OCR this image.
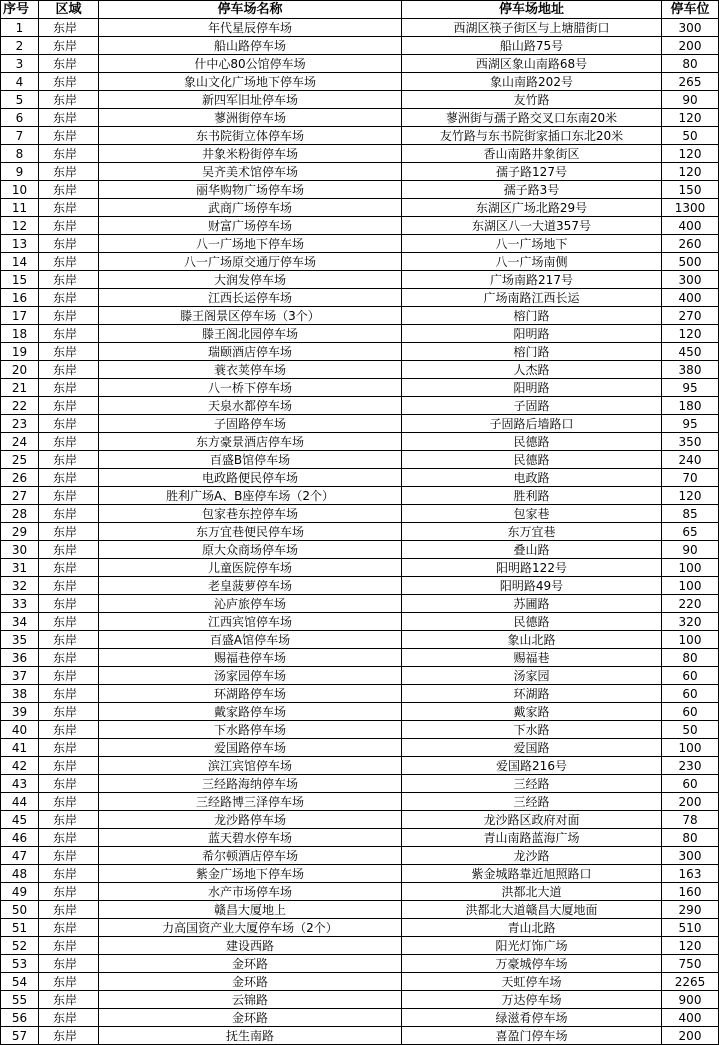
序号	区域	停车场名称	停车场地址	停车位
1	东岸	年代星辰停车场	西湖区筷子街区与上塘腊街口	300
2	东岸	船山路停车场	船山路75号	200
3	东岸	什中心80公馆停车场	西湖区象山南路68号	80
4	东岸	象山文化广场地下停车场	象山南路202号	265
5	东岸	新四军旧址停车场	友竹路	90
6	东岸	蓼洲街停车场	蓼洲街与孺子路交叉口东南20米	120
7	东岸	东书院街立体停车场	友竹路与东书院街家插口东北20米	50
8	东岸	井象米粉街停车场	香山南路井象街区	120
9	东岸	吴齐美术馆停车场	孺子路127号	120
10	东岸	丽华购物广场停车场	孺子路3号	150
11	东岸	武商广场停车场	东湖区广场北路29号	1300
12	东岸	财富广场停车场	东湖区八一大道357号	400
13	东岸	八一广场地下停车场	八一广场地下	260
14	东岸	八一广场原交通厅停车场	八一广场南侧	500
15	东岸	大润发停车场	广场南路217号	300
16	东岸	江西长运停车场	广场南路江西长运	400
17	东岸	滕王阁景区停车场（3个）	榕门路	270
18	东岸	滕王阁北园停车场	阳明路	120
19	东岸	瑞颐酒店停车场	榕门路	450
20	东岸	蓑衣荚停车场	人杰路	380
21	东岸	八一桥下停车场	阳明路	95
22	东岸	天泉水都停车场	子固路	180
23	东岸	子固路停车场	子固路后墙路口	95
24	东岸	东方豪景酒店停车场	民德路	350
25	东岸	百盛B馆停车场	民德路	240
26	东岸	电政路便民停车场	电政路	70
27	东岸	胜利广场A、B座停车场（2个）	胜利路	120
28	东岸	包家巷东控停车场	包家巷	85
29	东岸	东万宜巷便民停车场	东万宜巷	65
30	东岸	原大众商场停车场	叠山路	90
31	东岸	儿童医院停车场	阳明路122号	100
32	东岸	老皇菠萝停车场	阳明路49号	100
33	东岸	沁庐旅停车场	苏圃路	220
34	东岸	江西宾馆停车场	民德路	320
35	东岸	百盛A馆停车场	象山北路	100
36	东岸	赐福巷停车场	赐福巷	80
37	东岸	汤家园停车场	汤家园	60
38	东岸	环湖路停车场	环湖路	60
39	东岸	戴家路停车场	戴家路	60
40	东岸	下水路停车场	下水路	50
41	东岸	爱国路停车场	爱国路	100
42	东岸	滨江宾馆停车场	爱国路216号	230
43	东岸	三经路海纳停车场	三经路	60
44	东岸	三经路博三泽停车场	三经路	200
45	东岸	龙沙路停车场	龙沙路区政府对面	78
46	东岸	蓝天碧水停车场	青山南路蓝海广场	80
47	东岸	希尔顿酒店停车场	龙沙路	300
48	东岸	紫金广场地下停车场	紫金城路靠近旭照路口	163
49	东岸	水产市场停车场	洪都北大道	160
50	东岸	赣昌大厦地上	洪都北大道赣昌大厦地面	290
51	东岸	力高国资产业大厦停车场（2个）	青山北路	510
52	东岸	建设西路	阳光灯饰广场	120
53	东岸	金环路	万豪城停车场	750
54	东岸	金环路	天虹停车场	2265
55	东岸	云锦路	万达停车场	900
56	东岸	金环路	绿滋肴停车场	400
57	东岸	抚生南路	喜盈门停车场	200
